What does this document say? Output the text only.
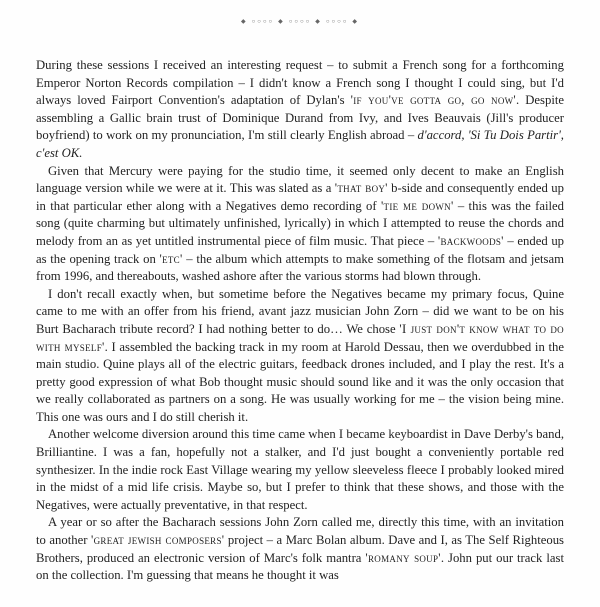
◆ ○○○○ ◆ ○○○○ ◆ ○○○○ ◆

During these sessions I received an interesting request – to submit a French song for a forthcoming Emperor Norton Records compilation – I didn't know a French song I thought I could sing, but I'd always loved Fairport Convention's adaptation of Dylan's 'if you've gotta go, go now'. Despite assembling a Gallic brain trust of Dominique Durand from Ivy, and Ives Beauvais (Jill's producer boyfriend) to work on my pronunciation, I'm still clearly English abroad – d'accord, 'Si Tu Dois Partir', c'est OK.

Given that Mercury were paying for the studio time, it seemed only decent to make an English language version while we were at it. This was slated as a 'that boy' b-side and consequently ended up in that particular ether along with a Negatives demo recording of 'tie me down' – this was the failed song (quite charming but ultimately unfinished, lyrically) in which I attempted to reuse the chords and melody from an as yet untitled instrumental piece of film music. That piece – 'backwoods' – ended up as the opening track on 'etc' – the album which attempts to make something of the flotsam and jetsam from 1996, and thereabouts, washed ashore after the various storms had blown through.

I don't recall exactly when, but sometime before the Negatives became my primary focus, Quine came to me with an offer from his friend, avant jazz musician John Zorn – did we want to be on his Burt Bacharach tribute record? I had nothing better to do… We chose 'I just don't know what to do with myself'. I assembled the backing track in my room at Harold Dessau, then we overdubbed in the main studio. Quine plays all of the electric guitars, feedback drones included, and I play the rest. It's a pretty good expression of what Bob thought music should sound like and it was the only occasion that we really collaborated as partners on a song. He was usually working for me – the vision being mine. This one was ours and I do still cherish it.

Another welcome diversion around this time came when I became keyboardist in Dave Derby's band, Brilliantine. I was a fan, hopefully not a stalker, and I'd just bought a conveniently portable red synthesizer. In the indie rock East Village wearing my yellow sleeveless fleece I probably looked mired in the midst of a mid life crisis. Maybe so, but I prefer to think that these shows, and those with the Negatives, were actually preventative, in that respect.

A year or so after the Bacharach sessions John Zorn called me, directly this time, with an invitation to another 'great jewish composers' project – a Marc Bolan album. Dave and I, as The Self Righteous Brothers, produced an electronic version of Marc's folk mantra 'romany soup'. John put our track last on the collection. I'm guessing that means he thought it was
